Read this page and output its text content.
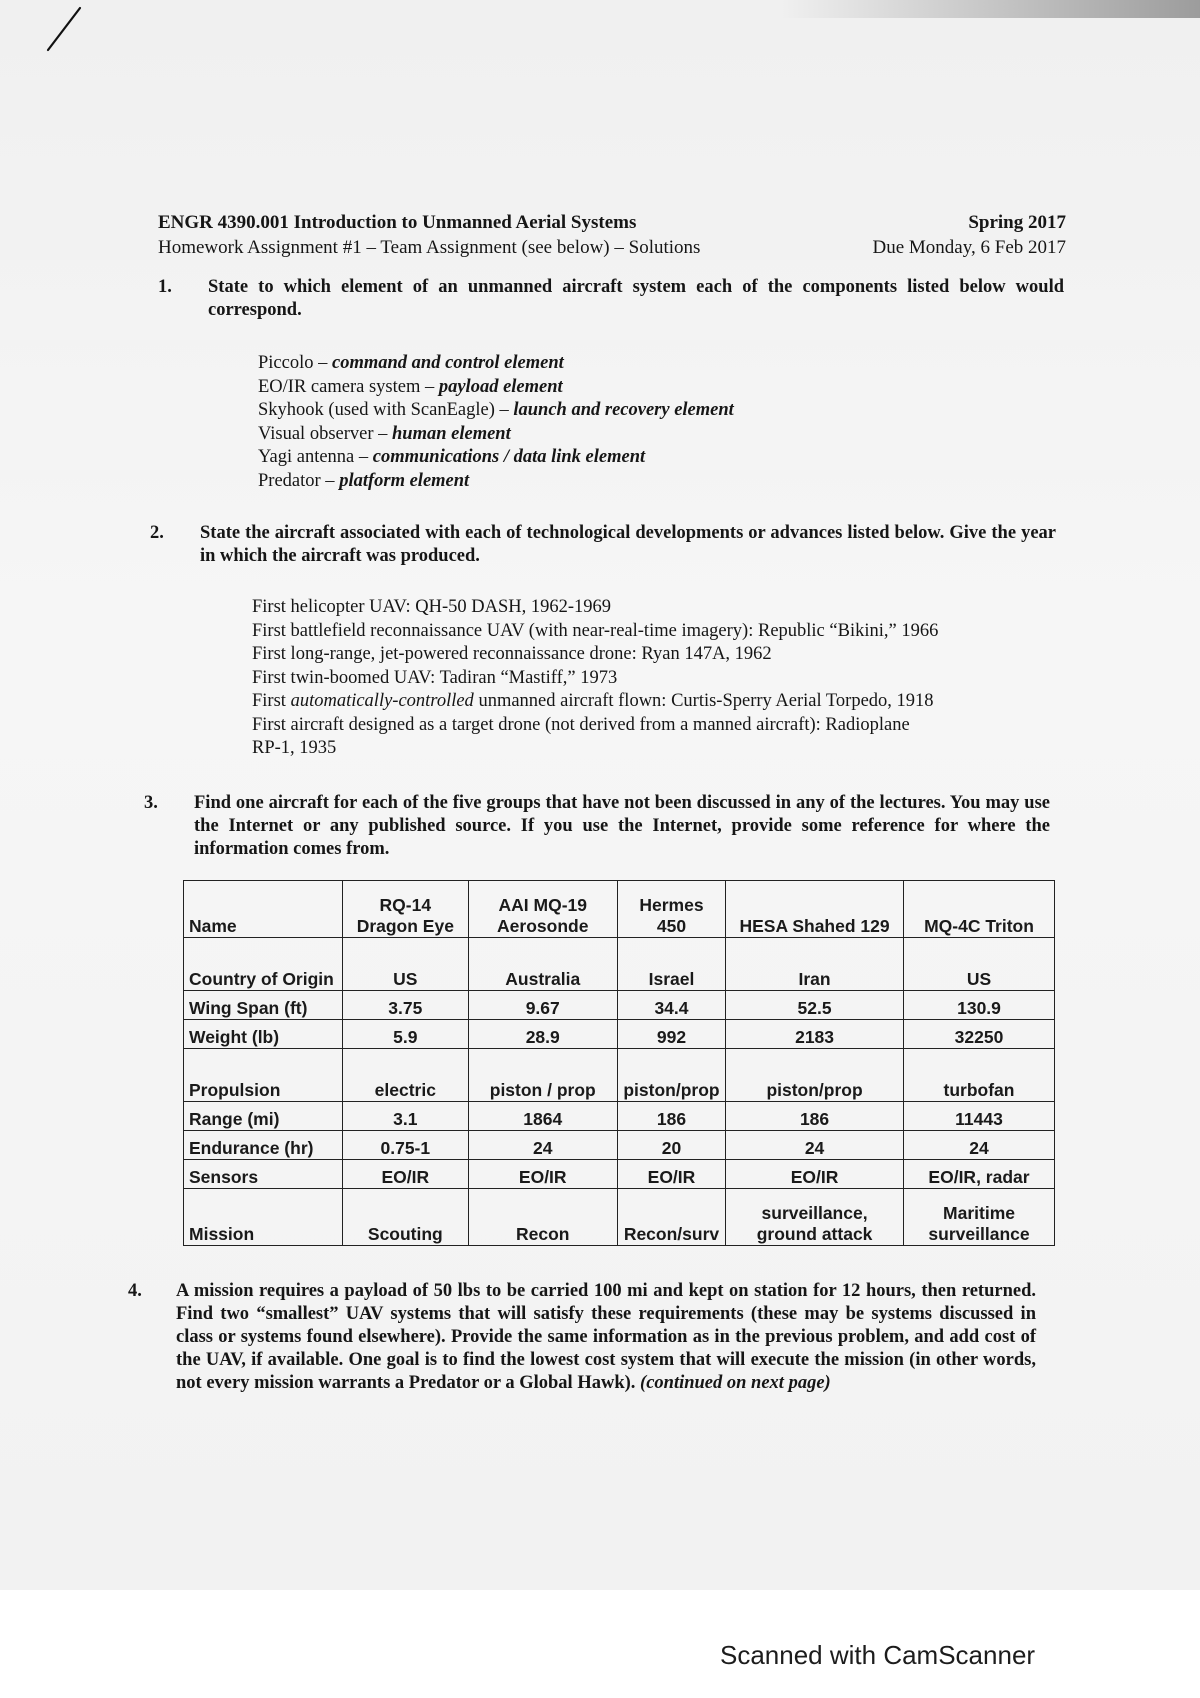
ENGR 4390.001 Introduction to Unmanned Aerial Systems
Homework Assignment #1 – Team Assignment (see below) – Solutions
Spring 2017
Due Monday, 6 Feb 2017
1. State to which element of an unmanned aircraft system each of the components listed below would correspond.
Piccolo – command and control element
EO/IR camera system – payload element
Skyhook (used with ScanEagle) – launch and recovery element
Visual observer – human element
Yagi antenna – communications / data link element
Predator – platform element
2. State the aircraft associated with each of technological developments or advances listed below. Give the year in which the aircraft was produced.
First helicopter UAV: QH-50 DASH, 1962-1969
First battlefield reconnaissance UAV (with near-real-time imagery): Republic “Bikini,” 1966
First long-range, jet-powered reconnaissance drone: Ryan 147A, 1962
First twin-boomed UAV: Tadiran “Mastiff,” 1973
First automatically-controlled unmanned aircraft flown: Curtis-Sperry Aerial Torpedo, 1918
First aircraft designed as a target drone (not derived from a manned aircraft): Radioplane
RP-1, 1935
3. Find one aircraft for each of the five groups that have not been discussed in any of the lectures. You may use the Internet or any published source. If you use the Internet, provide some reference for where the information comes from.
Name	RQ-14 Dragon Eye	AAI MQ-19 Aerosonde	Hermes 450	HESA Shahed 129	MQ-4C Triton
Country of Origin	US	Australia	Israel	Iran	US
Wing Span (ft)	3.75	9.67	34.4	52.5	130.9
Weight (lb)	5.9	28.9	992	2183	32250
Propulsion	electric	piston / prop	piston/prop	piston/prop	turbofan
Range (mi)	3.1	1864	186	186	11443
Endurance (hr)	0.75-1	24	20	24	24
Sensors	EO/IR	EO/IR	EO/IR	EO/IR	EO/IR, radar
Mission	Scouting	Recon	Recon/surv	surveillance, ground attack	Maritime surveillance
4. A mission requires a payload of 50 lbs to be carried 100 mi and kept on station for 12 hours, then returned. Find two “smallest” UAV systems that will satisfy these requirements (these may be systems discussed in class or systems found elsewhere). Provide the same information as in the previous problem, and add cost of the UAV, if available. One goal is to find the lowest cost system that will execute the mission (in other words, not every mission warrants a Predator or a Global Hawk). (continued on next page)
Scanned with CamScanner
